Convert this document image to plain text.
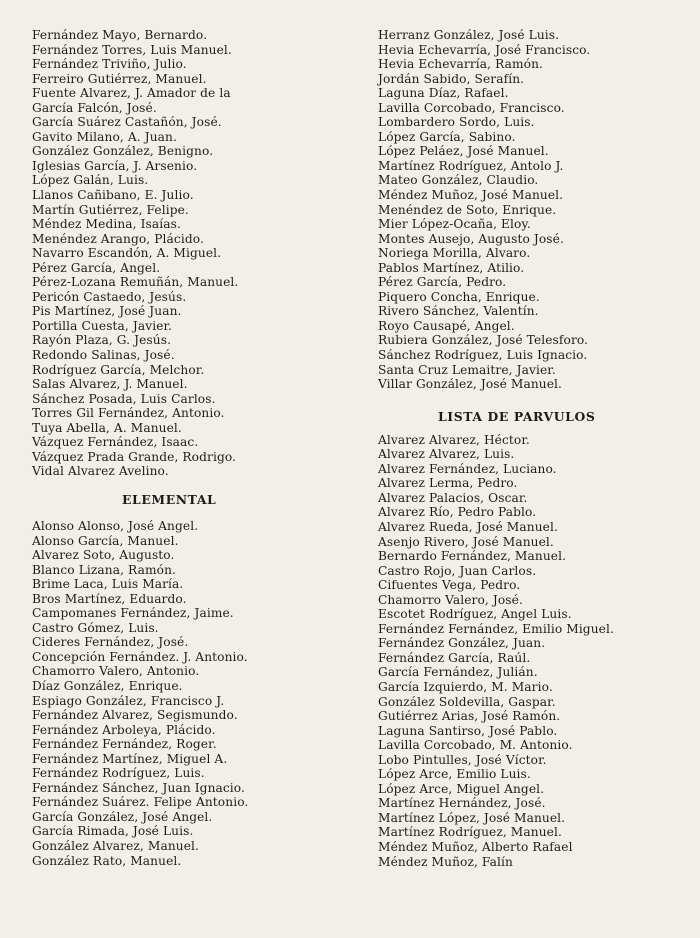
Fernández Mayo, Bernardo.
Fernández Torres, Luis Manuel.
Fernández Triviño, Julio.
Ferreiro Gutiérrez, Manuel.
Fuente Alvarez, J. Amador de la
García Falcón, José.
García Suárez Castañón, José.
Gavito Milano, A. Juan.
González González, Benigno.
Iglesias García, J. Arsenio.
López Galán, Luis.
Llanos Cañibano, E. Julio.
Martín Gutiérrez, Felipe.
Méndez Medina, Isaías.
Menéndez Arango, Plácido.
Navarro Escandón, A. Miguel.
Pérez García, Angel.
Pérez-Lozana Remuñán, Manuel.
Pericón Castaedo, Jesús.
Pis Martínez, José Juan.
Portilla Cuesta, Javier.
Rayón Plaza, G. Jesús.
Redondo Salinas, José.
Rodríguez García, Melchor.
Salas Alvarez, J. Manuel.
Sánchez Posada, Luis Carlos.
Torres Gil Fernández, Antonio.
Tuya Abella, A. Manuel.
Vázquez Fernández, Isaac.
Vázquez Prada Grande, Rodrigo.
Vidal Alvarez Avelino.
ELEMENTAL
Alonso Alonso, José Angel.
Alonso García, Manuel.
Alvarez Soto, Augusto.
Blanco Lizana, Ramón.
Brime Laca, Luis María.
Bros Martínez, Eduardo.
Campomanes Fernández, Jaime.
Castro Gómez, Luis.
Cideres Fernández, José.
Concepción Fernández. J. Antonio.
Chamorro Valero, Antonio.
Díaz González, Enrique.
Espiago González, Francisco J.
Fernández Alvarez, Segismundo.
Fernández Arboleya, Plácido.
Fernández Fernández, Roger.
Fernández Martínez, Miguel A.
Fernández Rodríguez, Luis.
Fernández Sánchez, Juan Ignacio.
Fernández Suárez. Felipe Antonio.
García González, José Angel.
García Rimada, José Luis.
González Alvarez, Manuel.
González Rato, Manuel.
Herranz González, José Luis.
Hevia Echevarría, José Francisco.
Hevia Echevarría, Ramón.
Jordán Sabido, Serafín.
Laguna Díaz, Rafael.
Lavilla Corcobado, Francisco.
Lombardero Sordo, Luis.
López García, Sabino.
López Peláez, José Manuel.
Martínez Rodríguez, Antolo J.
Mateo González, Claudio.
Méndez Muñoz, José Manuel.
Menéndez de Soto, Enrique.
Mier López-Ocaña, Eloy.
Montes Ausejo, Augusto José.
Noriega Morilla, Alvaro.
Pablos Martínez, Atilio.
Pérez García, Pedro.
Piquero Concha, Enrique.
Rivero Sánchez, Valentín.
Royo Causapé, Angel.
Rubiera González, José Telesforo.
Sánchez Rodríguez, Luis Ignacio.
Santa Cruz Lemaitre, Javier.
Villar González, José Manuel.
LISTA DE PARVULOS
Alvarez Alvarez, Héctor.
Alvarez Alvarez, Luis.
Alvarez Fernández, Luciano.
Alvarez Lerma, Pedro.
Alvarez Palacios, Oscar.
Alvarez Río, Pedro Pablo.
Alvarez Rueda, José Manuel.
Asenjo Rivero, José Manuel.
Bernardo Fernández, Manuel.
Castro Rojo, Juan Carlos.
Cifuentes Vega, Pedro.
Chamorro Valero, José.
Escotet Rodríguez, Angel Luis.
Fernández Fernández, Emilio Miguel.
Fernández González, Juan.
Fernández García, Raúl.
García Fernández, Julián.
García Izquierdo, M. Mario.
González Soldevilla, Gaspar.
Gutiérrez Arias, José Ramón.
Laguna Santirso, José Pablo.
Lavilla Corcobado, M. Antonio.
Lobo Pintulles, José Víctor.
López Arce, Emilio Luis.
López Arce, Miguel Angel.
Martínez Hernández, José.
Martínez López, José Manuel.
Martínez Rodríguez, Manuel.
Méndez Muñoz, Alberto Rafael
Méndez Muñoz, Falín
